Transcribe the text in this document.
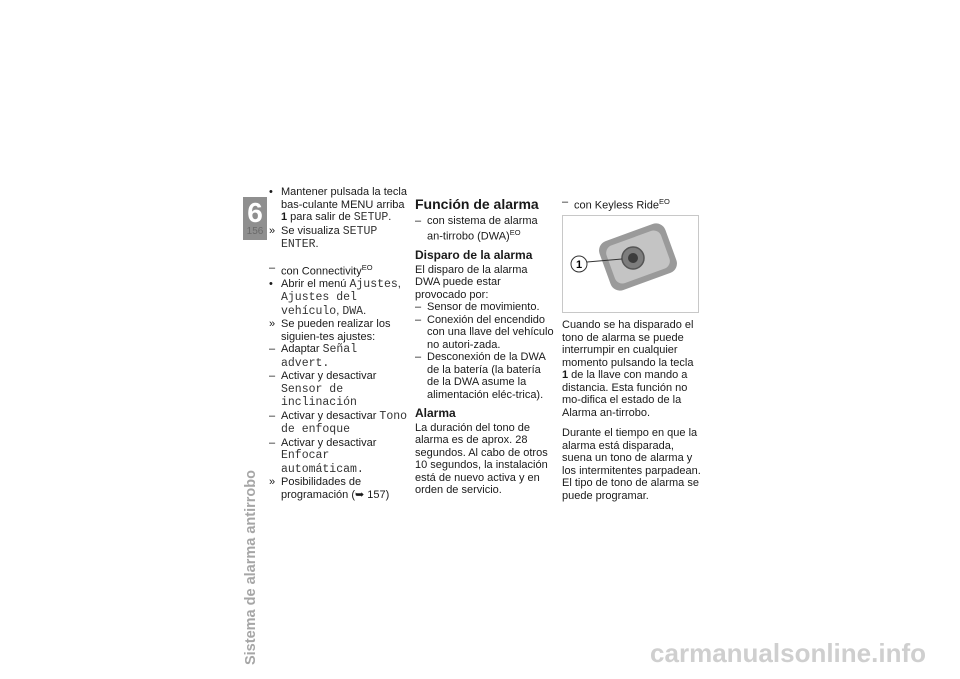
6
156
Sistema de alarma antirrobo

• Mantener pulsada la tecla bas-culante MENU arriba 1 para salir de SETUP.

» Se visualiza SETUP ENTER.

– con Connectivity$^{EO}$

• Abrir el menú Ajustes, Ajustes del vehículo, DWA.

» Se pueden realizar los siguien-tes ajustes:

– Adaptar Señal advert.

– Activar y desactivar Sensor de inclinación

– Activar y desactivar Tono de enfoque

– Activar y desactivar Enfocar automáticam.

» Posibilidades de programación (➥ 157)

Función de alarma

– con sistema de alarma an-tirrobo (DWA)$^{EO}$

Disparo de la alarma

El disparo de la alarma DWA puede estar provocado por:

– Sensor de movimiento.

– Conexión del encendido con una llave del vehículo no autori-zada.

– Desconexión de la DWA de la batería (la batería de la DWA asume la alimentación eléc-trica).

Alarma

La duración del tono de alarma es de aprox. 28 segundos. Al cabo de otros 10 segundos, la instalación está de nuevo activa y en orden de servicio.

– con Keyless Ride$^{EO}$

1

Cuando se ha disparado el tono de alarma se puede interrumpir en cualquier momento pulsando la tecla 1 de la llave con mando a distancia. Esta función no mo-difica el estado de la Alarma an-tirrobo.

Durante el tiempo en que la alarma está disparada, suena un tono de alarma y los intermitentes parpadean. El tipo de tono de alarma se puede programar.

carmanualsonline.info
